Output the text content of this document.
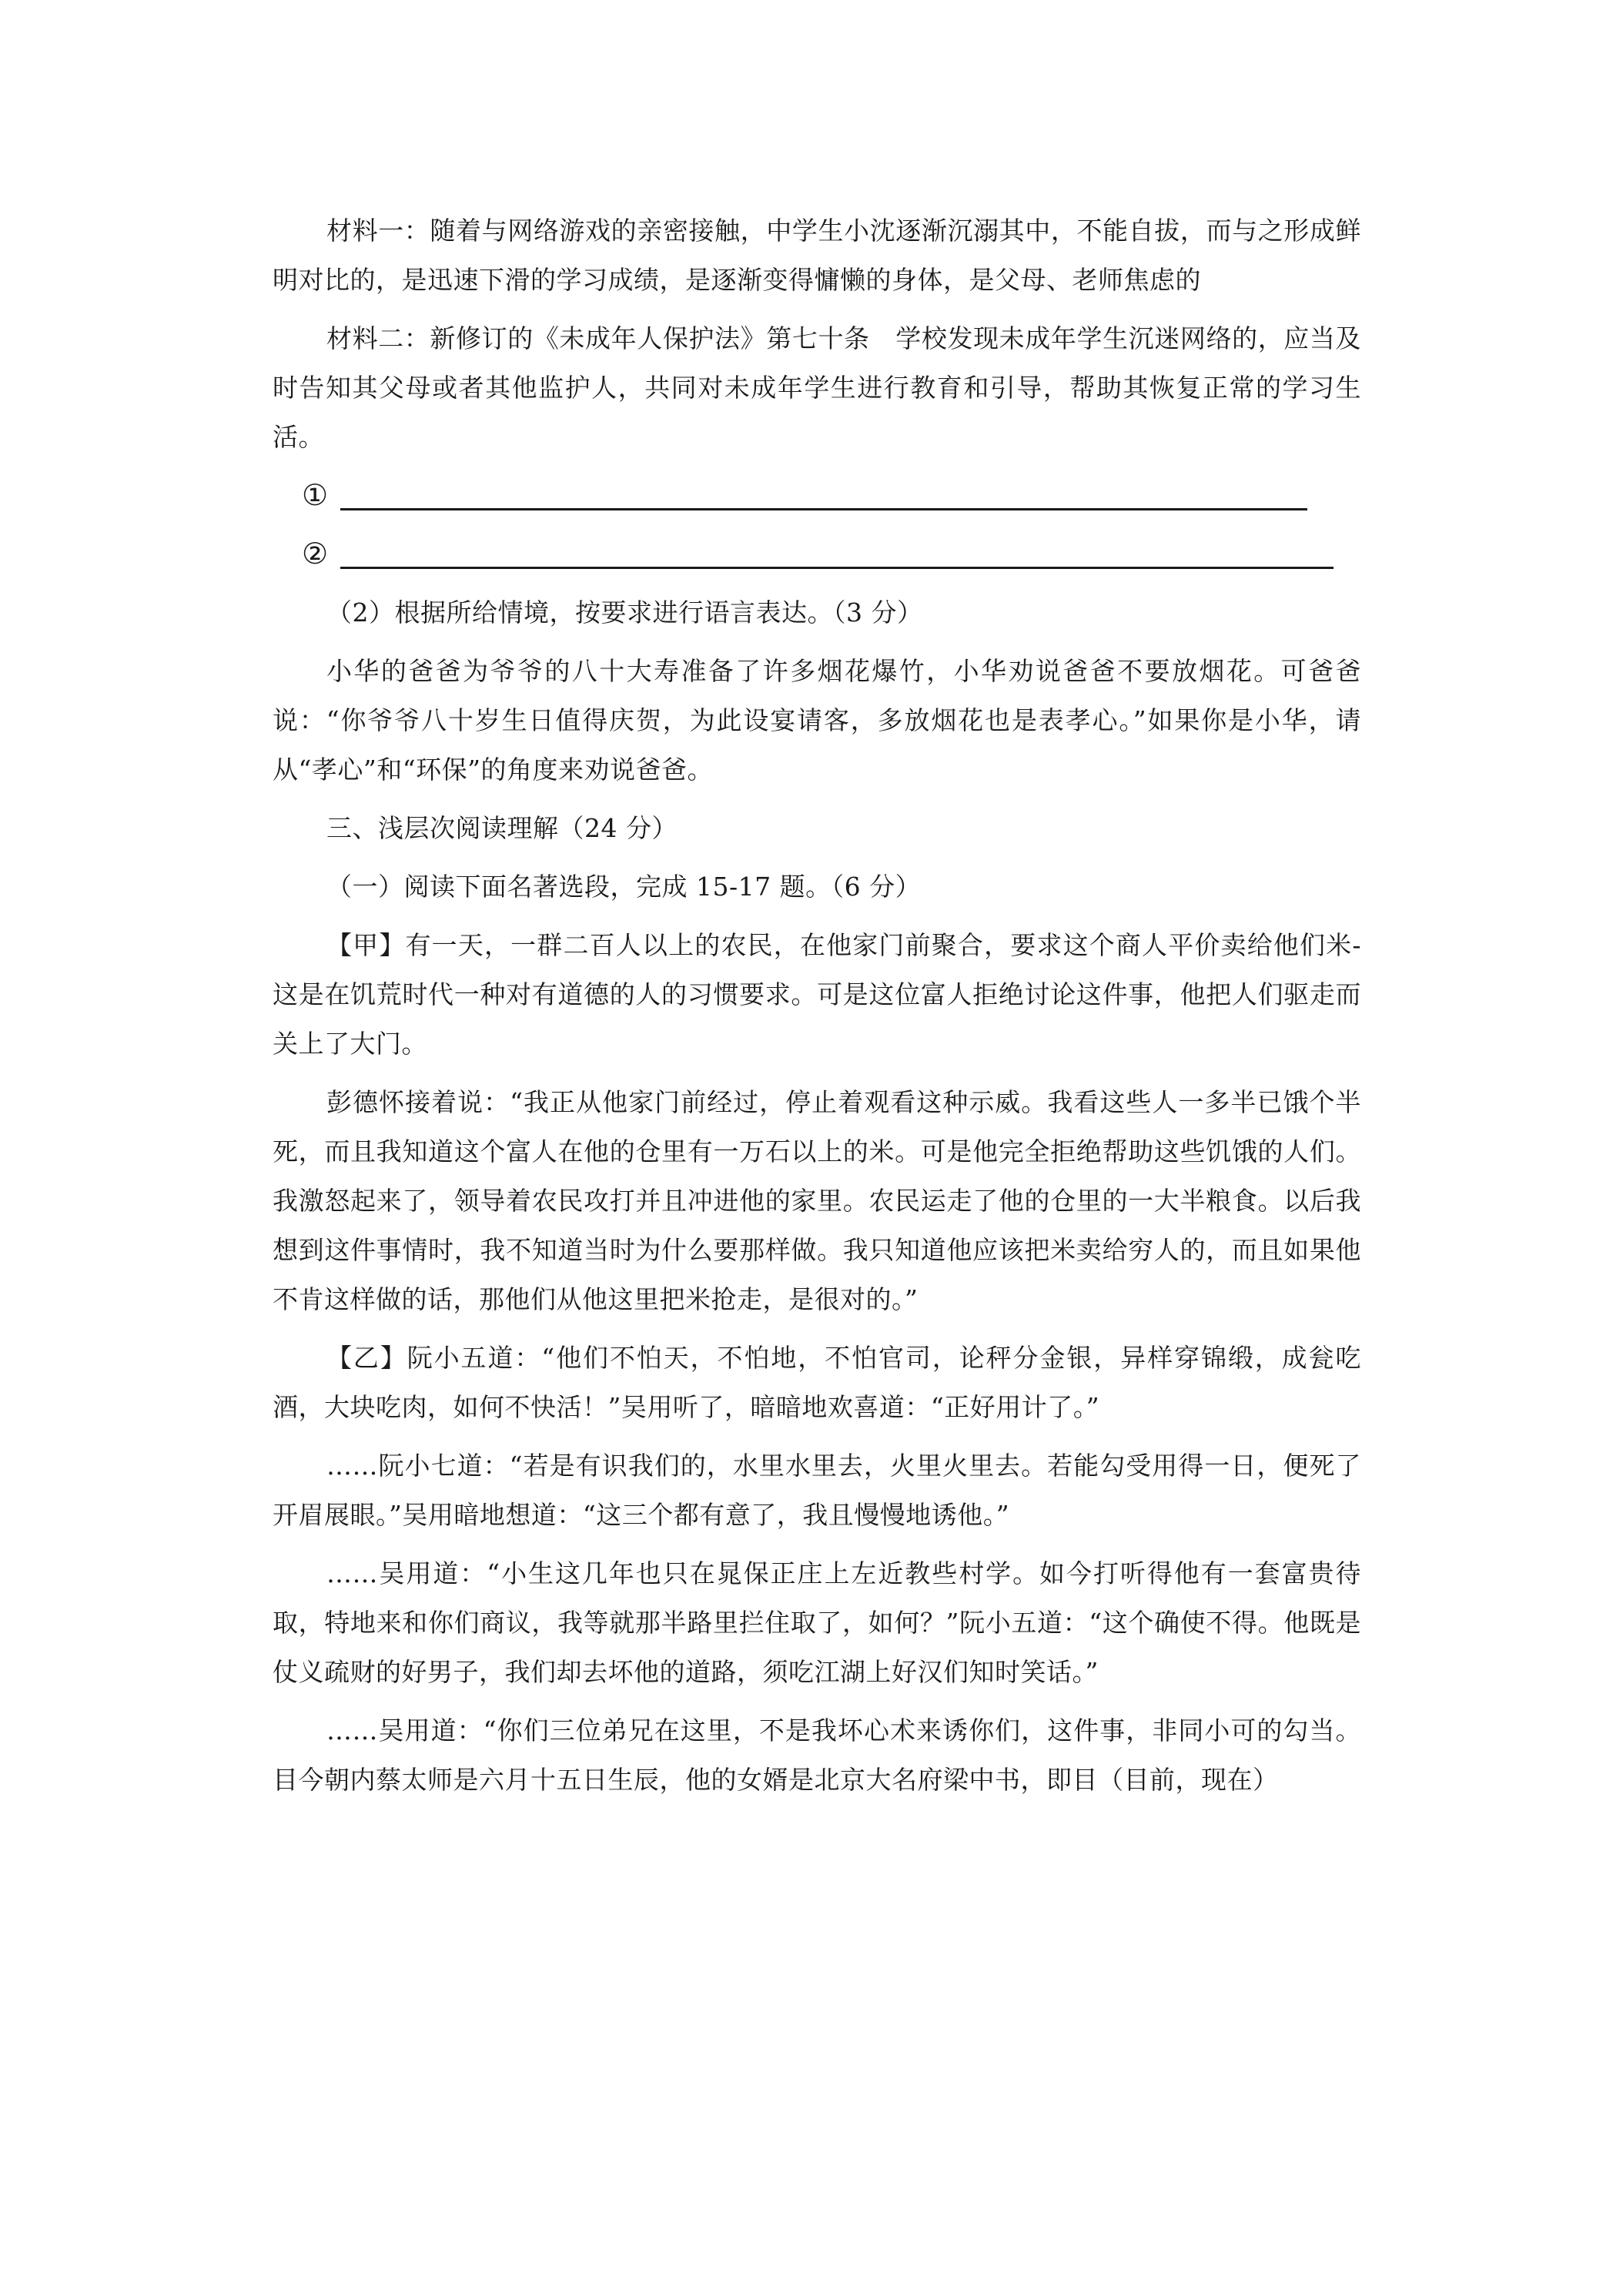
材料一：随着与网络游戏的亲密接触，中学生小沈逐渐沉溺其中，不能自拔，而与之形成鲜明对比的，是迅速下滑的学习成绩，是逐渐变得慵懒的身体，是父母、老师焦虑的

材料二：新修订的《未成年人保护法》第七十条　学校发现未成年学生沉迷网络的，应当及时告知其父母或者其他监护人，共同对未成年学生进行教育和引导，帮助其恢复正常的学习生活。

①
②

（2）根据所给情境，按要求进行语言表达。（3 分）

小华的爸爸为爷爷的八十大寿准备了许多烟花爆竹，小华劝说爸爸不要放烟花。可爸爸说：“你爷爷八十岁生日值得庆贺，为此设宴请客，多放烟花也是表孝心。”如果你是小华，请从“孝心”和“环保”的角度来劝说爸爸。

三、浅层次阅读理解（24 分）

（一）阅读下面名著选段，完成 15-17 题。（6 分）

【甲】有一天，一群二百人以上的农民，在他家门前聚合，要求这个商人平价卖给他们米-这是在饥荒时代一种对有道德的人的习惯要求。可是这位富人拒绝讨论这件事，他把人们驱走而关上了大门。

彭德怀接着说：“我正从他家门前经过，停止着观看这种示威。我看这些人一多半已饿个半死，而且我知道这个富人在他的仓里有一万石以上的米。可是他完全拒绝帮助这些饥饿的人们。我激怒起来了，领导着农民攻打并且冲进他的家里。农民运走了他的仓里的一大半粮食。以后我想到这件事情时，我不知道当时为什么要那样做。我只知道他应该把米卖给穷人的，而且如果他不肯这样做的话，那他们从他这里把米抢走，是很对的。”

【乙】阮小五道：“他们不怕天，不怕地，不怕官司，论秤分金银，异样穿锦缎，成瓮吃酒，大块吃肉，如何不快活！”吴用听了，暗暗地欢喜道：“正好用计了。”

……阮小七道：“若是有识我们的，水里水里去，火里火里去。若能勾受用得一日，便死了开眉展眼。”吴用暗地想道：“这三个都有意了，我且慢慢地诱他。”

……吴用道：“小生这几年也只在晁保正庄上左近教些村学。如今打听得他有一套富贵待取，特地来和你们商议，我等就那半路里拦住取了，如何？”阮小五道：“这个确使不得。他既是仗义疏财的好男子，我们却去坏他的道路，须吃江湖上好汉们知时笑话。”

……吴用道：“你们三位弟兄在这里，不是我坏心术来诱你们，这件事，非同小可的勾当。目今朝内蔡太师是六月十五日生辰，他的女婿是北京大名府梁中书，即目（目前，现在）
